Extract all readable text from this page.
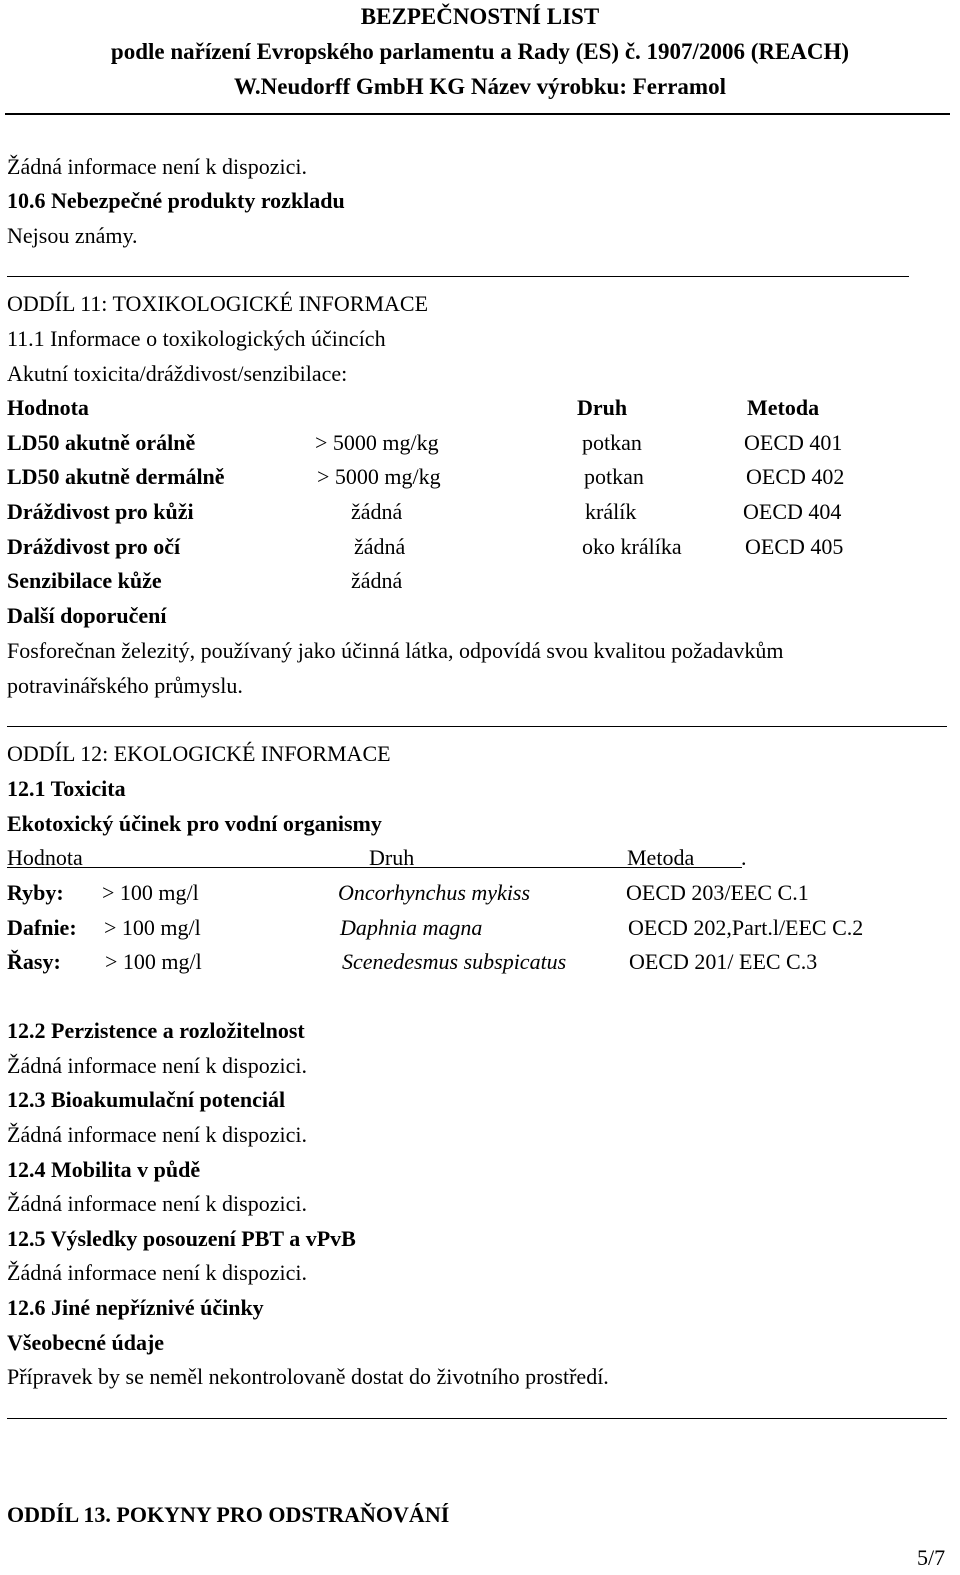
BEZPEČNOSTNÍ LIST
podle nařízení Evropského parlamentu a Rady (ES) č. 1907/2006 (REACH)
W.Neudorff GmbH KG Název výrobku: Ferramol
Žádná informace není k dispozici.
10.6 Nebezpečné produkty rozkladu
Nejsou známy.
ODDÍL 11: TOXIKOLOGICKÉ INFORMACE
11.1 Informace o toxikologických účincích
Akutní toxicita/dráždivost/senzibilace:
Hodnota	Druh	Metoda
LD50 akutně orálně	> 5000 mg/kg	potkan	OECD 401
LD50 akutně dermálně	> 5000 mg/kg	potkan	OECD 402
Dráždivost pro kůži	žádná	králík	OECD 404
Dráždivost pro očí	žádná	oko králíka	OECD 405
Senzibilace kůže	žádná
Další doporučení
Fosforečnan železitý, používaný jako účinná látka, odpovídá svou kvalitou požadavkům
potravinářského průmyslu.
ODDÍL 12: EKOLOGICKÉ INFORMACE
12.1 Toxicita
Ekotoxický účinek pro vodní organismy
Hodnota	Druh	Metoda .
Ryby: > 100 mg/l	Oncorhynchus mykiss	OECD 203/EEC C.1
Dafnie: > 100 mg/l	Daphnia magna	OECD 202,Part.l/EEC C.2
Řasy: > 100 mg/l	Scenedesmus subspicatus	OECD 201/ EEC C.3
12.2 Perzistence a rozložitelnost
Žádná informace není k dispozici.
12.3 Bioakumulační potenciál
Žádná informace není k dispozici.
12.4 Mobilita v půdě
Žádná informace není k dispozici.
12.5 Výsledky posouzení PBT a vPvB
Žádná informace není k dispozici.
12.6 Jiné nepříznivé účinky
Všeobecné údaje
Přípravek by se neměl nekontrolovaně dostat do životního prostředí.
ODDÍL 13. POKYNY PRO ODSTRAŇOVÁNÍ
5/7
